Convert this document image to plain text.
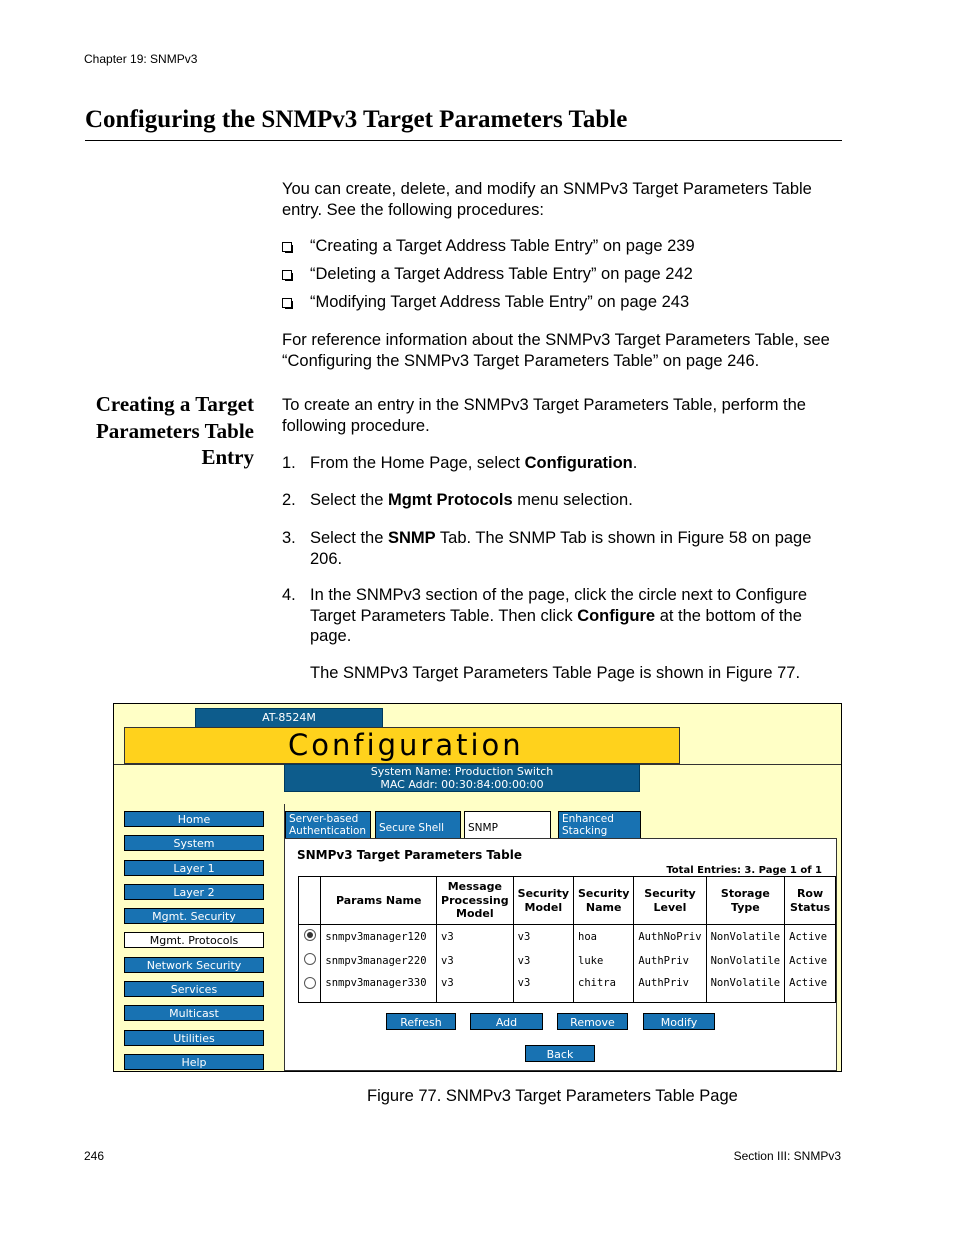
Chapter 19: SNMPv3
Configuring the SNMPv3 Target Parameters Table

You can create, delete, and modify an SNMPv3 Target Parameters Table entry. See the following procedures:

“Creating a Target Address Table Entry” on page 239
“Deleting a Target Address Table Entry” on page 242
“Modifying Target Address Table Entry” on page 243

For reference information about the SNMPv3 Target Parameters Table, see “Configuring the SNMPv3 Target Parameters Table” on page 246.

Creating a Target
Parameters Table
Entry

To create an entry in the SNMPv3 Target Parameters Table, perform the following procedure.

1. From the Home Page, select Configuration.
2. Select the Mgmt Protocols menu selection.
3. Select the SNMP Tab. The SNMP Tab is shown in Figure 58 on page 206.
4. In the SNMPv3 section of the page, click the circle next to Configure Target Parameters Table. Then click Configure at the bottom of the page.
The SNMPv3 Target Parameters Table Page is shown in Figure 77.
AT-8524M
Configuration
System Name: Production Switch
MAC Addr: 00:30:84:00:00:00
Home
System
Layer 1
Layer 2
Mgmt. Security
Mgmt. Protocols
Network Security
Services
Multicast
Utilities
Help
Server-based
Authentication	Secure Shell	SNMP
Enhanced
Stacking
SNMPv3 Target Parameters Table
Total Entries: 3. Page 1 of 1
	Params Name	Message
Processing
Model	Security
Model	Security
Name	Security
Level	Storage
Type	Row
Status
	snmpv3manager120	v3	v3	hoa	AuthNoPriv	NonVolatile	Active
	snmpv3manager220	v3	v3	luke	AuthPriv	NonVolatile	Active
	snmpv3manager330	v3	v3	chitra	AuthPriv	NonVolatile	Active
Refresh	Add	Remove	Modify
Back
Figure 77. SNMPv3 Target Parameters Table Page
246	Section III: SNMPv3
